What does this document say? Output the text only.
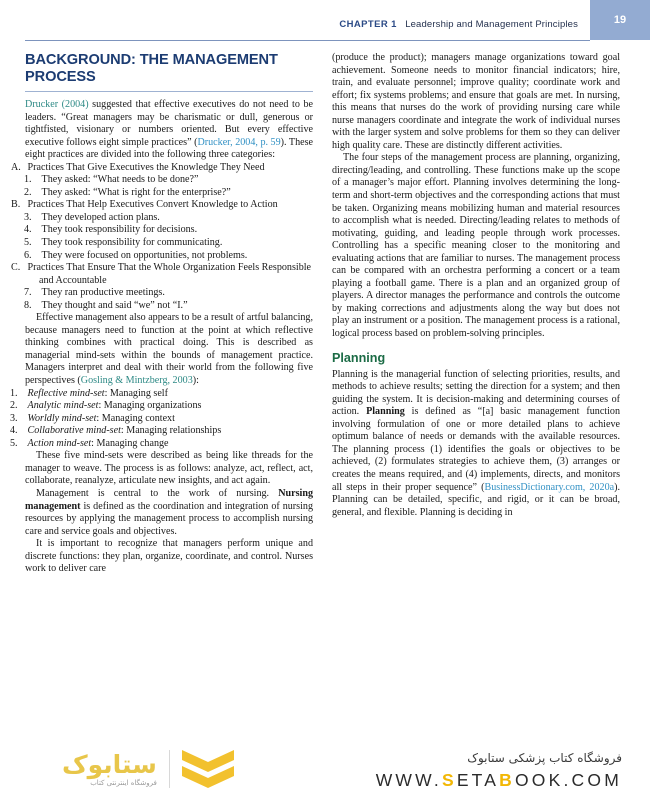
CHAPTER 1 Leadership and Management Principles	19
BACKGROUND: THE MANAGEMENT PROCESS

Drucker (2004) suggested that effective executives do not need to be leaders. “Great managers may be charismatic or dull, generous or tightfisted, visionary or numbers oriented. But every effective executive follows eight simple practices” (Drucker, 2004, p. 59). These eight practices are divided into the following three categories:

A. Practices That Give Executives the Knowledge They Need
1. They asked: “What needs to be done?”
2. They asked: “What is right for the enterprise?”
B. Practices That Help Executives Convert Knowledge to Action
3. They developed action plans.
4. They took responsibility for decisions.
5. They took responsibility for communicating.
6. They were focused on opportunities, not problems.
C. Practices That Ensure That the Whole Organization Feels Responsible and Accountable
7. They ran productive meetings.
8. They thought and said “we” not “I.”

Effective management also appears to be a result of artful balancing, because managers need to function at the point at which reflective thinking combines with practical doing. This is described as managerial mind-sets within the bounds of management practice. Managers interpret and deal with their world from the following five perspectives (Gosling & Mintzberg, 2003):

1. Reflective mind-set: Managing self
2. Analytic mind-set: Managing organizations
3. Worldly mind-set: Managing context
4. Collaborative mind-set: Managing relationships
5. Action mind-set: Managing change

These five mind-sets were described as being like threads for the manager to weave. The process is as follows: analyze, act, reflect, act, collaborate, reanalyze, articulate new insights, and act again.

Management is central to the work of nursing. Nursing management is defined as the coordination and integration of nursing resources by applying the management process to accomplish nursing care and service goals and objectives.

It is important to recognize that managers perform unique and discrete functions: they plan, organize, coordinate, and control. Nurses work to deliver care

(produce the product); managers manage organizations toward goal achievement. Someone needs to monitor financial indicators; hire, train, and evaluate personnel; improve quality; coordinate work and effort; fix systems problems; and ensure that goals are met. In nursing, this means that nurses do the work of providing nursing care while nurse managers coordinate and integrate the work of individual nurses with the larger system and solve problems for them so they can deliver high quality care. These are distinctly different activities.

The four steps of the management process are planning, organizing, directing/leading, and controlling. These functions make up the scope of a manager’s major effort. Planning involves determining the long-term and short-term objectives and the corresponding actions that must be taken. Organizing means mobilizing human and material resources to accomplish what is needed. Directing/leading relates to methods of motivating, guiding, and leading people through work processes. Controlling has a specific meaning closer to the monitoring and evaluating actions that are familiar to nurses. The management process can be compared with an orchestra performing a concert or a team playing a football game. There is a plan and an organized group of players. A director manages the performance and controls the outcome by making corrections and adjustments along the way but does not play an instrument or a position. The management process is a rational, logical process based on problem-solving principles.

Planning

Planning is the managerial function of selecting priorities, results, and methods to achieve results; setting the direction for a system; and then guiding the system. It is decision-making and determining courses of action. Planning is defined as “[a] basic management function involving formulation of one or more detailed plans to achieve optimum balance of needs or demands with the available resources. The planning process (1) identifies the goals or objectives to be achieved, (2) formulates strategies to achieve them, (3) arranges or creates the means required, and (4) implements, directs, and monitors all steps in their proper sequence” (BusinessDictionary.com, 2020a). Planning can be detailed, specific, and rigid, or it can be broad, general, and flexible. Planning is deciding in

ستابوک
فروشگاه اینترنتی کتاب
فروشگاه کتاب پزشکی ستابوک
WWW.SETABOOK.COM
